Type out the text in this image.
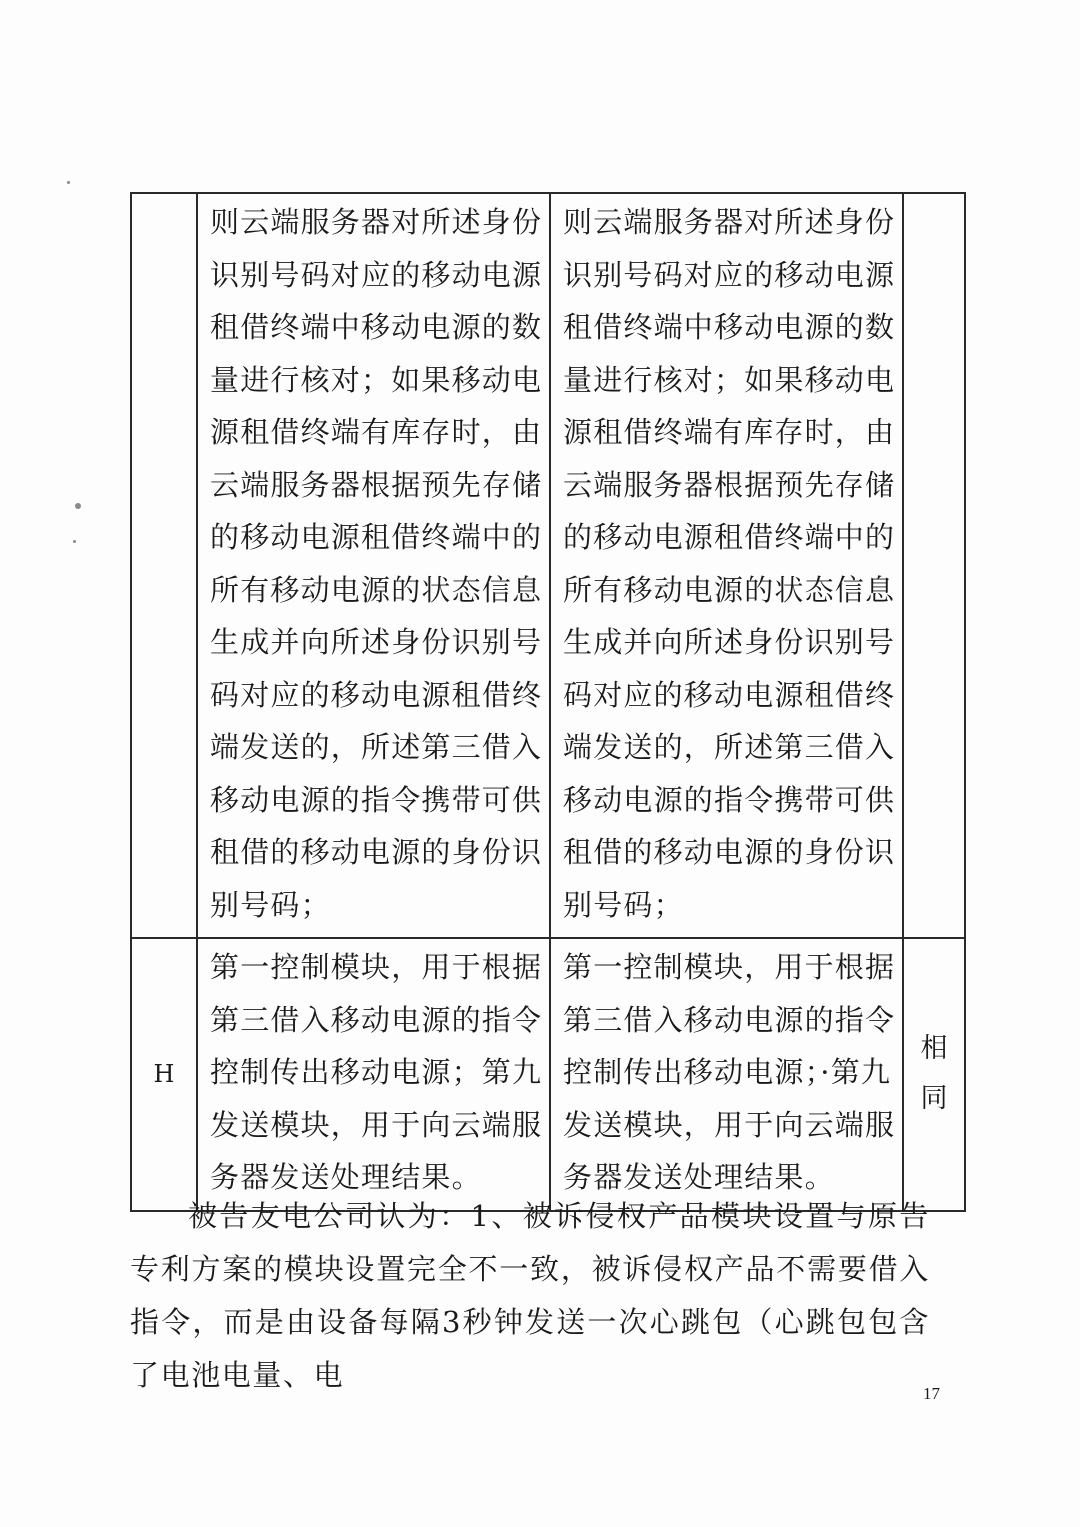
	则云端服务器对所述身份识别号码对应的移动电源租借终端中移动电源的数量进行核对；如果移动电源租借终端有库存时，由云端服务器根据预先存储的移动电源租借终端中的所有移动电源的状态信息生成并向所述身份识别号码对应的移动电源租借终端发送的，所述第三借入移动电源的指令携带可供租借的移动电源的身份识别号码；	则云端服务器对所述身份识别号码对应的移动电源租借终端中移动电源的数量进行核对；如果移动电源租借终端有库存时，由云端服务器根据预先存储的移动电源租借终端中的所有移动电源的状态信息生成并向所述身份识别号码对应的移动电源租借终端发送的，所述第三借入移动电源的指令携带可供租借的移动电源的身份识别号码；	
H	第一控制模块，用于根据第三借入移动电源的指令控制传出移动电源；第九发送模块，用于向云端服务器发送处理结果。	第一控制模块，用于根据第三借入移动电源的指令控制传出移动电源；·第九发送模块，用于向云端服务器发送处理结果。	相同
被告友电公司认为：1、被诉侵权产品模块设置与原告专利方案的模块设置完全不一致，被诉侵权产品不需要借入指令，而是由设备每隔3秒钟发送一次心跳包（心跳包包含了电池电量、电
17
